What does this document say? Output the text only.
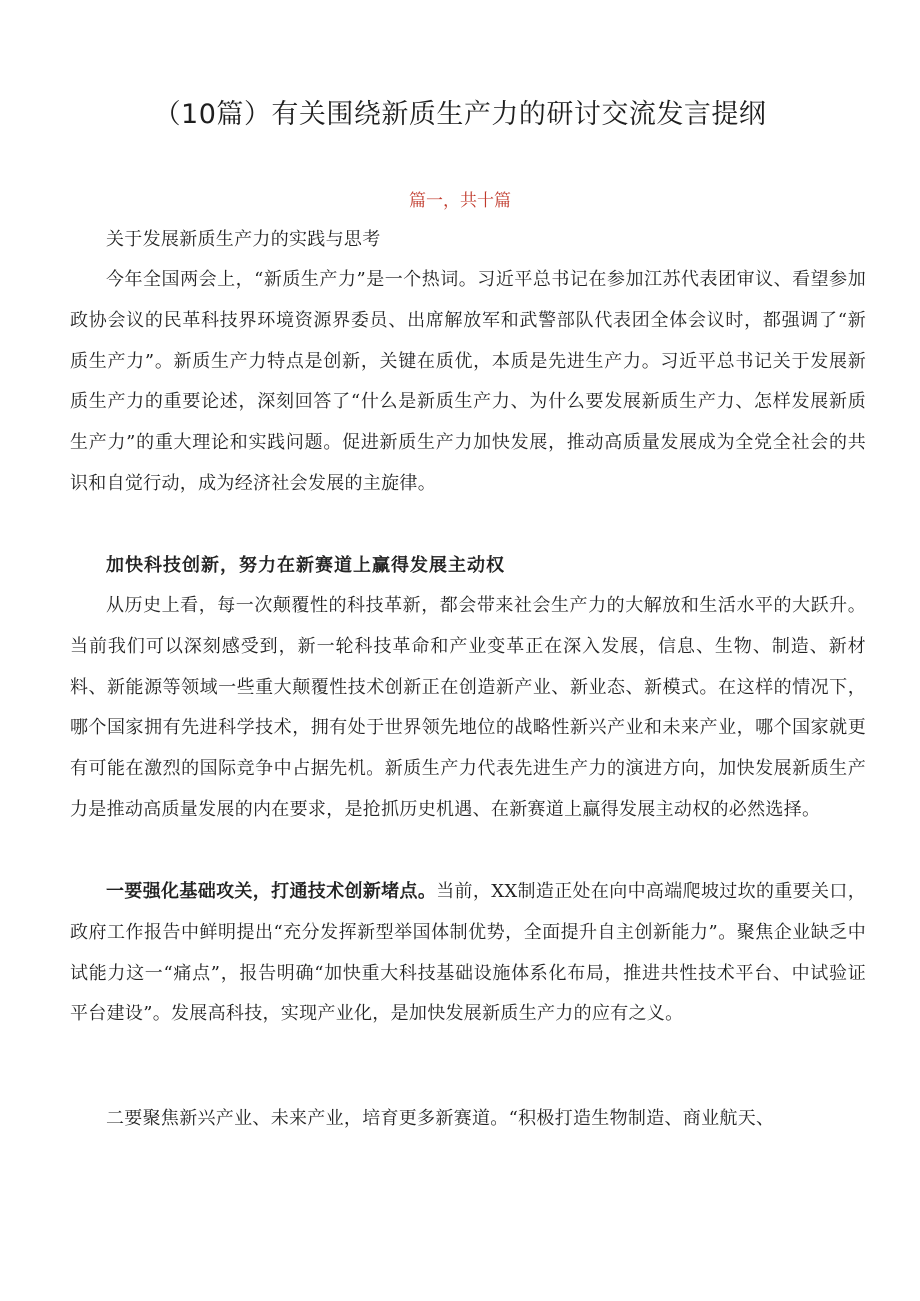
（10篇）有关围绕新质生产力的研讨交流发言提纲

篇一，共十篇

关于发展新质生产力的实践与思考

今年全国两会上，“新质生产力”是一个热词。习近平总书记在参加江苏代表团审议、看望参加政协会议的民革科技界环境资源界委员、出席解放军和武警部队代表团全体会议时，都强调了“新质生产力”。新质生产力特点是创新，关键在质优，本质是先进生产力。习近平总书记关于发展新质生产力的重要论述，深刻回答了“什么是新质生产力、为什么要发展新质生产力、怎样发展新质生产力”的重大理论和实践问题。促进新质生产力加快发展，推动高质量发展成为全党全社会的共识和自觉行动，成为经济社会发展的主旋律。

加快科技创新，努力在新赛道上赢得发展主动权

从历史上看，每一次颠覆性的科技革新，都会带来社会生产力的大解放和生活水平的大跃升。当前我们可以深刻感受到，新一轮科技革命和产业变革正在深入发展，信息、生物、制造、新材料、新能源等领域一些重大颠覆性技术创新正在创造新产业、新业态、新模式。在这样的情况下，哪个国家拥有先进科学技术，拥有处于世界领先地位的战略性新兴产业和未来产业，哪个国家就更有可能在激烈的国际竞争中占据先机。新质生产力代表先进生产力的演进方向，加快发展新质生产力是推动高质量发展的内在要求，是抢抓历史机遇、在新赛道上赢得发展主动权的必然选择。

一要强化基础攻关，打通技术创新堵点。当前，XX制造正处在向中高端爬坡过坎的重要关口，政府工作报告中鲜明提出“充分发挥新型举国体制优势，全面提升自主创新能力”。聚焦企业缺乏中试能力这一“痛点”，报告明确“加快重大科技基础设施体系化布局，推进共性技术平台、中试验证平台建设”。发展高科技，实现产业化，是加快发展新质生产力的应有之义。

二要聚焦新兴产业、未来产业，培育更多新赛道。“积极打造生物制造、商业航天、
